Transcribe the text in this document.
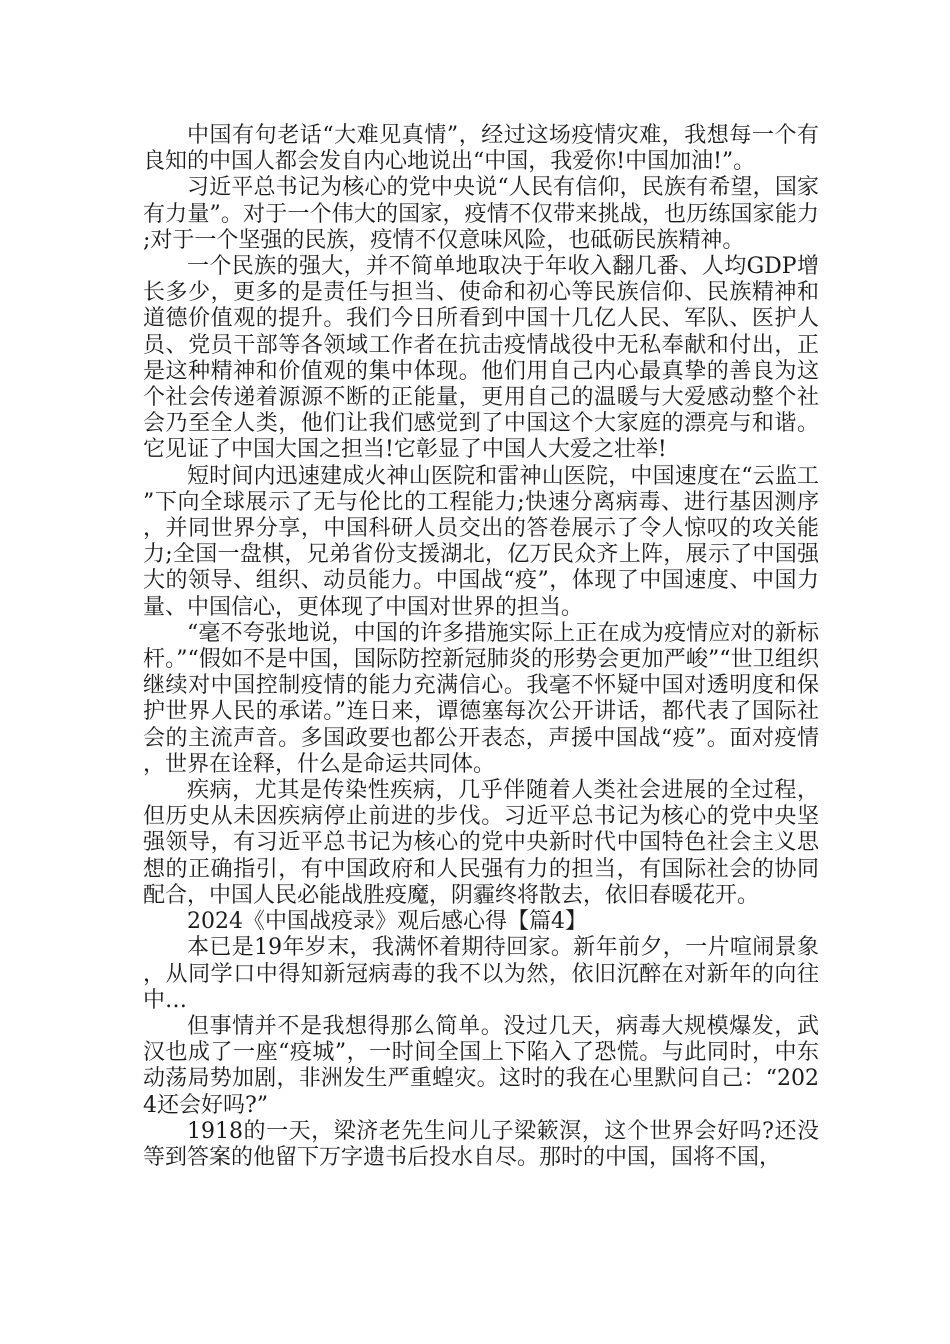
中国有句老话“大难见真情”，经过这场疫情灾难，我想每一个有良知的中国人都会发自内心地说出“中国，我爱你!中国加油!”。

习近平总书记为核心的党中央说“人民有信仰，民族有希望，国家有力量”。对于一个伟大的国家，疫情不仅带来挑战，也历练国家能力;对于一个坚强的民族，疫情不仅意味风险，也砥砺民族精神。

一个民族的强大，并不简单地取决于年收入翻几番、人均GDP增长多少，更多的是责任与担当、使命和初心等民族信仰、民族精神和道德价值观的提升。我们今日所看到中国十几亿人民、军队、医护人员、党员干部等各领域工作者在抗击疫情战役中无私奉献和付出，正是这种精神和价值观的集中体现。他们用自己内心最真挚的善良为这个社会传递着源源不断的正能量，更用自己的温暖与大爱感动整个社会乃至全人类，他们让我们感觉到了中国这个大家庭的漂亮与和谐。它见证了中国大国之担当!它彰显了中国人大爱之壮举!

短时间内迅速建成火神山医院和雷神山医院，中国速度在“云监工”下向全球展示了无与伦比的工程能力;快速分离病毒、进行基因测序，并同世界分享，中国科研人员交出的答卷展示了令人惊叹的攻关能力;全国一盘棋，兄弟省份支援湖北，亿万民众齐上阵，展示了中国强大的领导、组织、动员能力。中国战“疫”，体现了中国速度、中国力量、中国信心，更体现了中国对世界的担当。

“毫不夸张地说，中国的许多措施实际上正在成为疫情应对的新标杆。”“假如不是中国，国际防控新冠肺炎的形势会更加严峻”“世卫组织继续对中国控制疫情的能力充满信心。我毫不怀疑中国对透明度和保护世界人民的承诺。”连日来，谭德塞每次公开讲话，都代表了国际社会的主流声音。多国政要也都公开表态，声援中国战“疫”。面对疫情，世界在诠释，什么是命运共同体。

疾病，尤其是传染性疾病，几乎伴随着人类社会进展的全过程，但历史从未因疾病停止前进的步伐。习近平总书记为核心的党中央坚强领导，有习近平总书记为核心的党中央新时代中国特色社会主义思想的正确指引，有中国政府和人民强有力的担当，有国际社会的协同配合，中国人民必能战胜疫魔，阴霾终将散去，依旧春暖花开。

2024《中国战疫录》观后感心得【篇4】

本已是19年岁末，我满怀着期待回家。新年前夕，一片喧闹景象，从同学口中得知新冠病毒的我不以为然，依旧沉醉在对新年的向往中…

但事情并不是我想得那么简单。没过几天，病毒大规模爆发，武汉也成了一座“疫城”，一时间全国上下陷入了恐慌。与此同时，中东动荡局势加剧，非洲发生严重蝗灾。这时的我在心里默问自己：“2024还会好吗?”

1918的一天，梁济老先生问儿子梁簌溟，这个世界会好吗?还没等到答案的他留下万字遗书后投水自尽。那时的中国，国将不国，
